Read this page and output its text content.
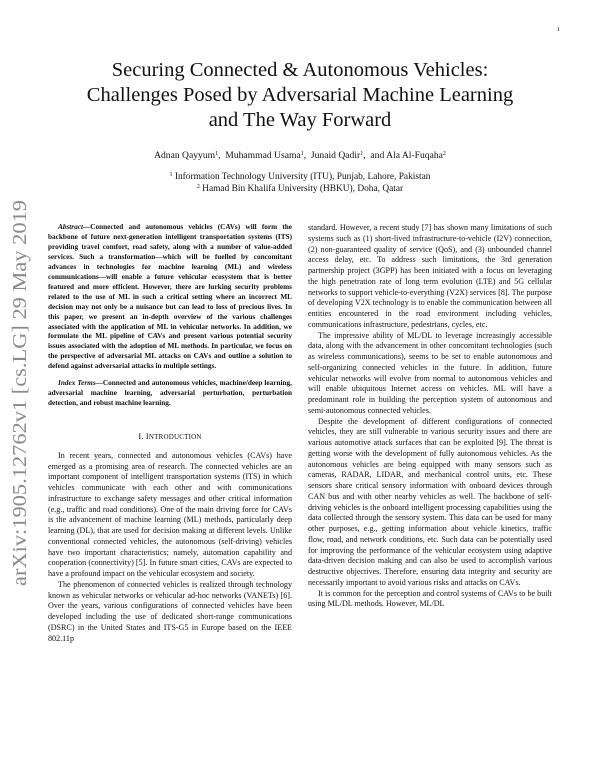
1
arXiv:1905.12762v1 [cs.LG] 29 May 2019
Securing Connected & Autonomous Vehicles:
Challenges Posed by Adversarial Machine Learning
and The Way Forward
Adnan Qayyum$^1$,  Muhammad Usama$^1$,  Junaid Qadir$^1$,  and Ala Al-Fuqaha$^2$
$^1$ Information Technology University (ITU), Punjab, Lahore, Pakistan
$^2$ Hamad Bin Khalifa University (HBKU), Doha, Qatar

Abstract—Connected and autonomous vehicles (CAVs) will form the backbone of future next-generation intelligent transportation systems (ITS) providing travel comfort, road safety, along with a number of value-added services. Such a transformation—which will be fuelled by concomitant advances in technologies for machine learning (ML) and wireless communications—will enable a future vehicular ecosystem that is better featured and more efficient. However, there are lurking security problems related to the use of ML in such a critical setting where an incorrect ML decision may not only be a nuisance but can lead to loss of precious lives. In this paper, we present an in-depth overview of the various challenges associated with the application of ML in vehicular networks. In addition, we formulate the ML pipeline of CAVs and present various potential security issues associated with the adoption of ML methods. In particular, we focus on the perspective of adversarial ML attacks on CAVs and outline a solution to defend against adversarial attacks in multiple settings.

Index Terms—Connected and autonomous vehicles, machine/deep learning, adversarial machine learning, adversarial perturbation, perturbation detection, and robust machine learning.

I. INTRODUCTION

In recent years, connected and autonomous vehicles (CAVs) have emerged as a promising area of research. The connected vehicles are an important component of intelligent transportation systems (ITS) in which vehicles communicate with each other and with communications infrastructure to exchange safety messages and other critical information (e.g., traffic and road conditions). One of the main driving force for CAVs is the advancement of machine learning (ML) methods, particularly deep learning (DL), that are used for decision making at different levels. Unlike conventional connected vehicles, the autonomous (self-driving) vehicles have two important characteristics; namely, automation capability and cooperation (connectivity) [5]. In future smart cities, CAVs are expected to have a profound impact on the vehicular ecosystem and society.

The phenomenon of connected vehicles is realized through technology known as vehicular networks or vehicular ad-hoc networks (VANETs) [6]. Over the years, various configurations of connected vehicles have been developed including the use of dedicated short-range communications (DSRC) in the United States and ITS-G5 in Europe based on the IEEE 802.11p

standard. However, a recent study [7] has shown many limitations of such systems such as (1) short-lived infrastructure-to-vehicle (I2V) connection, (2) non-guaranteed quality of service (QoS), and (3) unbounded channel access delay, etc. To address such limitations, the 3rd generation partnership project (3GPP) has been initiated with a focus on leveraging the high penetration rate of long term evolution (LTE) and 5G cellular networks to support vehicle-to-everything (V2X) services [8]. The purpose of developing V2X technology is to enable the communication between all entities encountered in the road environment including vehicles, communications infrastructure, pedestrians, cycles, etc.

The impressive ability of ML/DL to leverage increasingly accessible data, along with the advancement in other concomitant technologies (such as wireless communications), seems to be set to enable autonomous and self-organizing connected vehicles in the future. In addition, future vehicular networks will evolve from normal to autonomous vehicles and will enable ubiquitous Internet access on vehicles. ML will have a predominant role in building the perception system of autonomous and semi-autonomous connected vehicles.

Despite the development of different configurations of connected vehicles, they are still vulnerable to various security issues and there are various automotive attack surfaces that can be exploited [9]. The threat is getting worse with the development of fully autonomous vehicles. As the autonomous vehicles are being equipped with many sensors such as cameras, RADAR, LIDAR, and mechanical control units, etc. These sensors share critical sensory information with onboard devices through CAN bus and with other nearby vehicles as well. The backbone of self-driving vehicles is the onboard intelligent processing capabilities using the data collected through the sensory system. This data can be used for many other purposes, e.g., getting information about vehicle kinetics, traffic flow, road, and network conditions, etc. Such data can be potentially used for improving the performance of the vehicular ecosystem using adaptive data-driven decision making and can also be used to accomplish various destructive objectives. Therefore, ensuring data integrity and security are necessarily important to avoid various risks and attacks on CAVs.

It is common for the perception and control systems of CAVs to be built using ML/DL methods. However, ML/DL
